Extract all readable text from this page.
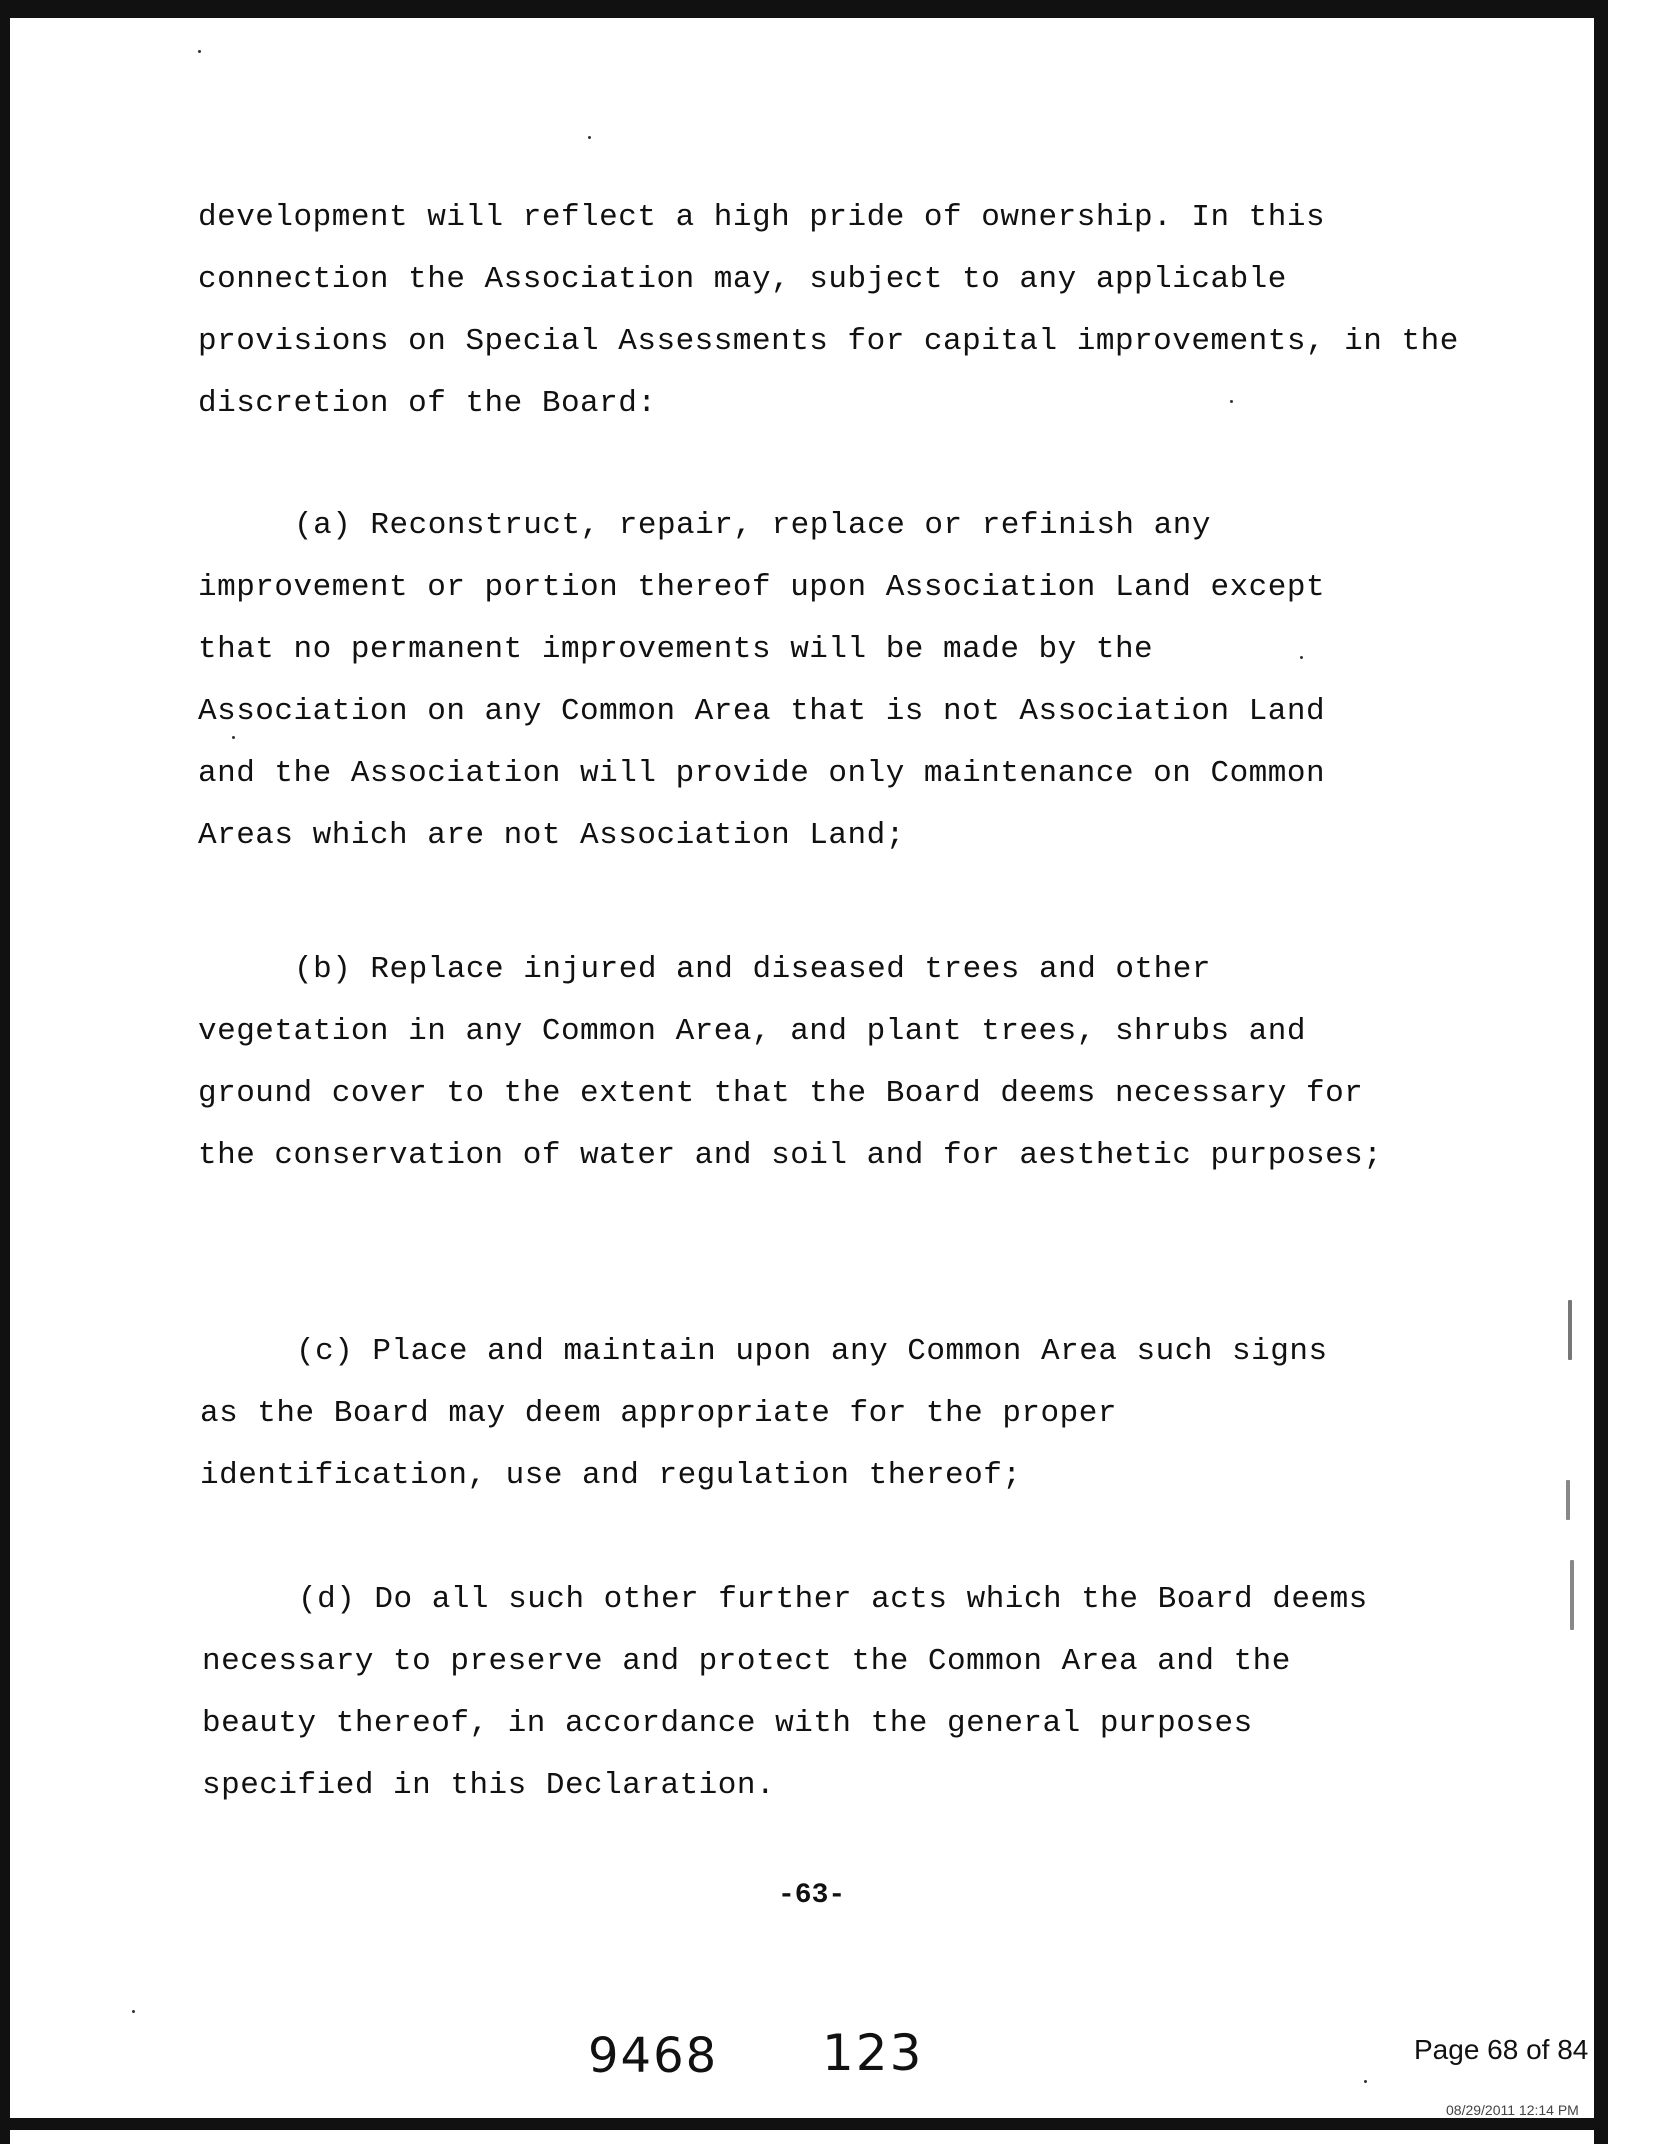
development will reflect a high pride of ownership. In this

connection the Association may, subject to any applicable

provisions on Special Assessments for capital improvements, in the

discretion of the Board:

(a) Reconstruct, repair, replace or refinish any

improvement or portion thereof upon Association Land except

that no permanent improvements will be made by the

Association on any Common Area that is not Association Land

and the Association will provide only maintenance on Common

Areas which are not Association Land;

(b) Replace injured and diseased trees and other

vegetation in any Common Area, and plant trees, shrubs and

ground cover to the extent that the Board deems necessary for

the conservation of water and soil and for aesthetic purposes;

(c) Place and maintain upon any Common Area such signs

as the Board may deem appropriate for the proper

identification, use and regulation thereof;

(d) Do all such other further acts which the Board deems

necessary to preserve and protect the Common Area and the

beauty thereof, in accordance with the general purposes

specified in this Declaration.

-63-
9468 123	Page 68 of 84
08/29/2011 12:14 PM
